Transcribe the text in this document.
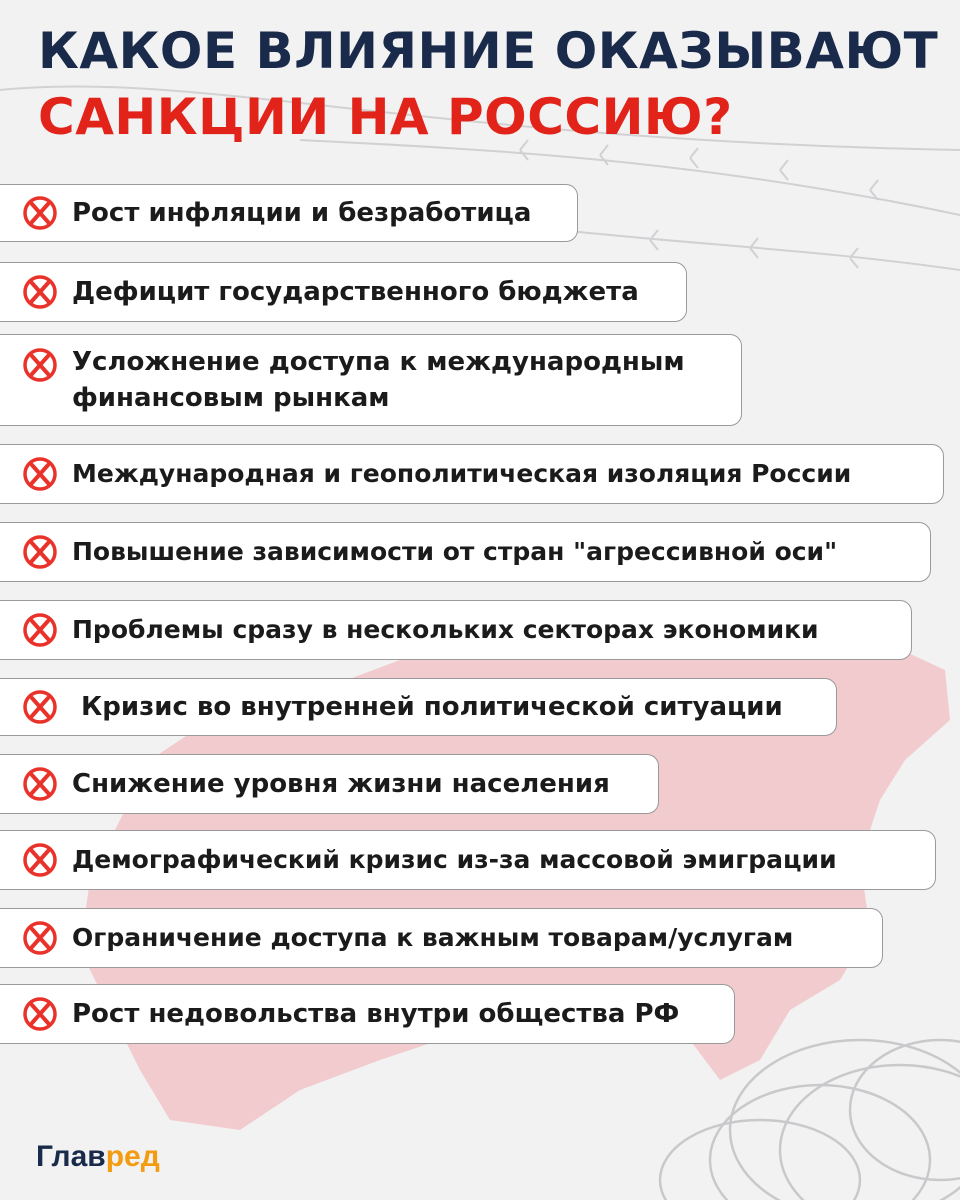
КАКОЕ ВЛИЯНИЕ ОКАЗЫВАЮТ
САНКЦИИ НА РОССИЮ?
Рост инфляции и безработица
Дефицит государственного бюджета
Усложнение доступа к международным финансовым рынкам
Международная и геополитическая изоляция России
Повышение зависимости от стран "агрессивной оси"
Проблемы сразу в нескольких секторах экономики
Кризис во внутренней политической ситуации
Снижение уровня жизни населения
Демографический кризис из-за массовой эмиграции
Ограничение доступа к важным товарам/услугам
Рост недовольства внутри общества РФ
Главред
